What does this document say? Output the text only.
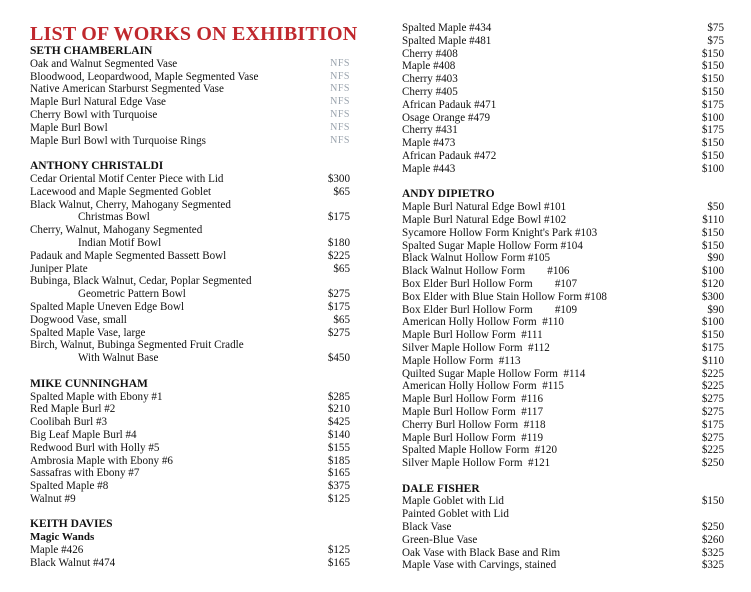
LIST OF WORKS ON EXHIBITION
SETH CHAMBERLAIN
Oak and Walnut Segmented Vase	NFS
Bloodwood, Leopardwood, Maple Segmented Vase	NFS
Native American Starburst Segmented Vase	NFS
Maple Burl Natural Edge Vase	NFS
Cherry Bowl with Turquoise	NFS
Maple Burl Bowl	NFS
Maple Burl Bowl with Turquoise Rings	NFS
ANTHONY CHRISTALDI
Cedar Oriental Motif Center Piece with Lid	$300
Lacewood and Maple Segmented Goblet	$65
Black Walnut, Cherry, Mahogany Segmented
Christmas Bowl	$175
Cherry, Walnut, Mahogany Segmented
Indian Motif Bowl	$180
Padauk and Maple Segmented Bassett Bowl	$225
Juniper Plate	$65
Bubinga, Black Walnut, Cedar, Poplar Segmented
Geometric Pattern Bowl	$275
Spalted Maple Uneven Edge Bowl	$175
Dogwood Vase, small	$65
Spalted Maple Vase, large	$275
Birch, Walnut, Bubinga Segmented Fruit Cradle
With Walnut Base	$450
MIKE CUNNINGHAM
Spalted Maple with Ebony #1	$285
Red Maple Burl #2	$210
Coolibah Burl #3	$425
Big Leaf Maple Burl #4	$140
Redwood Burl with Holly #5	$155
Ambrosia Maple with Ebony #6	$185
Sassafras with Ebony #7	$165
Spalted Maple #8	$375
Walnut #9	$125
KEITH DAVIES
Magic Wands
Maple #426	$125
Black Walnut #474	$165
Spalted Maple #434	$75
Spalted Maple #481	$75
Cherry #408	$150
Maple #408	$150
Cherry #403	$150
Cherry #405	$150
African Padauk #471	$175
Osage Orange #479	$100
Cherry #431	$175
Maple #473	$150
African Padauk #472	$150
Maple #443	$100
ANDY DIPIETRO
Maple Burl Natural Edge Bowl #101	$50
Maple Burl Natural Edge Bowl #102	$110
Sycamore Hollow Form Knight's Park #103	$150
Spalted Sugar Maple Hollow Form #104	$150
Black Walnut Hollow Form #105	$90
Black Walnut Hollow Form        #106	$100
Box Elder Burl Hollow Form        #107	$120
Box Elder with Blue Stain Hollow Form #108	$300
Box Elder Burl Hollow Form        #109	$90
American Holly Hollow Form  #110	$100
Maple Burl Hollow Form  #111	$150
Silver Maple Hollow Form  #112	$175
Maple Hollow Form  #113	$110
Quilted Sugar Maple Hollow Form  #114	$225
American Holly Hollow Form  #115	$225
Maple Burl Hollow Form  #116	$275
Maple Burl Hollow Form  #117	$275
Cherry Burl Hollow Form  #118	$175
Maple Burl Hollow Form  #119	$275
Spalted Maple Hollow Form  #120	$225
Silver Maple Hollow Form  #121	$250
DALE FISHER
Maple Goblet with Lid	$150
Painted Goblet with Lid
Black Vase	$250
Green-Blue Vase	$260
Oak Vase with Black Base and Rim	$325
Maple Vase with Carvings, stained	$325
